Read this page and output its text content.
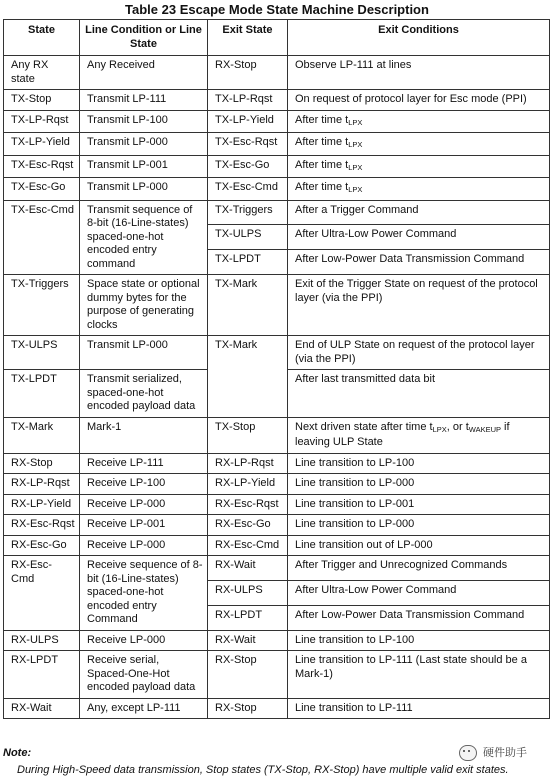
Table 23 Escape Mode State Machine Description
State	Line Condition or Line State	Exit State	Exit Conditions
Any RX state	Any Received	RX-Stop	Observe LP-111 at lines
TX-Stop	Transmit LP-111	TX-LP-Rqst	On request of protocol layer for Esc mode (PPI)
TX-LP-Rqst	Transmit LP-100	TX-LP-Yield	After time $t_{LPX}$
TX-LP-Yield	Transmit LP-000	TX-Esc-Rqst	After time $t_{LPX}$
TX-Esc-Rqst	Transmit LP-001	TX-Esc-Go	After time $t_{LPX}$
TX-Esc-Go	Transmit LP-000	TX-Esc-Cmd	After time $t_{LPX}$
TX-Esc-Cmd	Transmit sequence of 8-bit (16-Line-states) spaced-one-hot encoded entry command	TX-Triggers	After a Trigger Command
		TX-ULPS	After Ultra-Low Power Command
		TX-LPDT	After Low-Power Data Transmission Command
TX-Triggers	Space state or optional dummy bytes for the purpose of generating clocks	TX-Mark	Exit of the Trigger State on request of the protocol layer (via the PPI)
TX-ULPS	Transmit LP-000	TX-Mark	End of ULP State on request of the protocol layer (via the PPI)
TX-LPDT	Transmit serialized, spaced-one-hot encoded payload data		After last transmitted data bit
TX-Mark	Mark-1	TX-Stop	Next driven state after time $t_{LPX}$, or $t_{WAKEUP}$ if leaving ULP State
RX-Stop	Receive LP-111	RX-LP-Rqst	Line transition to LP-100
RX-LP-Rqst	Receive LP-100	RX-LP-Yield	Line transition to LP-000
RX-LP-Yield	Receive LP-000	RX-Esc-Rqst	Line transition to LP-001
RX-Esc-Rqst	Receive LP-001	RX-Esc-Go	Line transition to LP-000
RX-Esc-Go	Receive LP-000	RX-Esc-Cmd	Line transition out of LP-000
RX-Esc-Cmd	Receive sequence of 8-bit (16-Line-states) spaced-one-hot encoded entry Command	RX-Wait	After Trigger and Unrecognized Commands
		RX-ULPS	After Ultra-Low Power Command
		RX-LPDT	After Low-Power Data Transmission Command
RX-ULPS	Receive LP-000	RX-Wait	Line transition to LP-100
RX-LPDT	Receive serial, Spaced-One-Hot encoded payload data	RX-Stop	Line transition to LP-111 (Last state should be a Mark-1)
RX-Wait	Any, except LP-111	RX-Stop	Line transition to LP-111
Note:
During High-Speed data transmission, Stop states (TX-Stop, RX-Stop) have multiple valid exit states.
硬件助手
